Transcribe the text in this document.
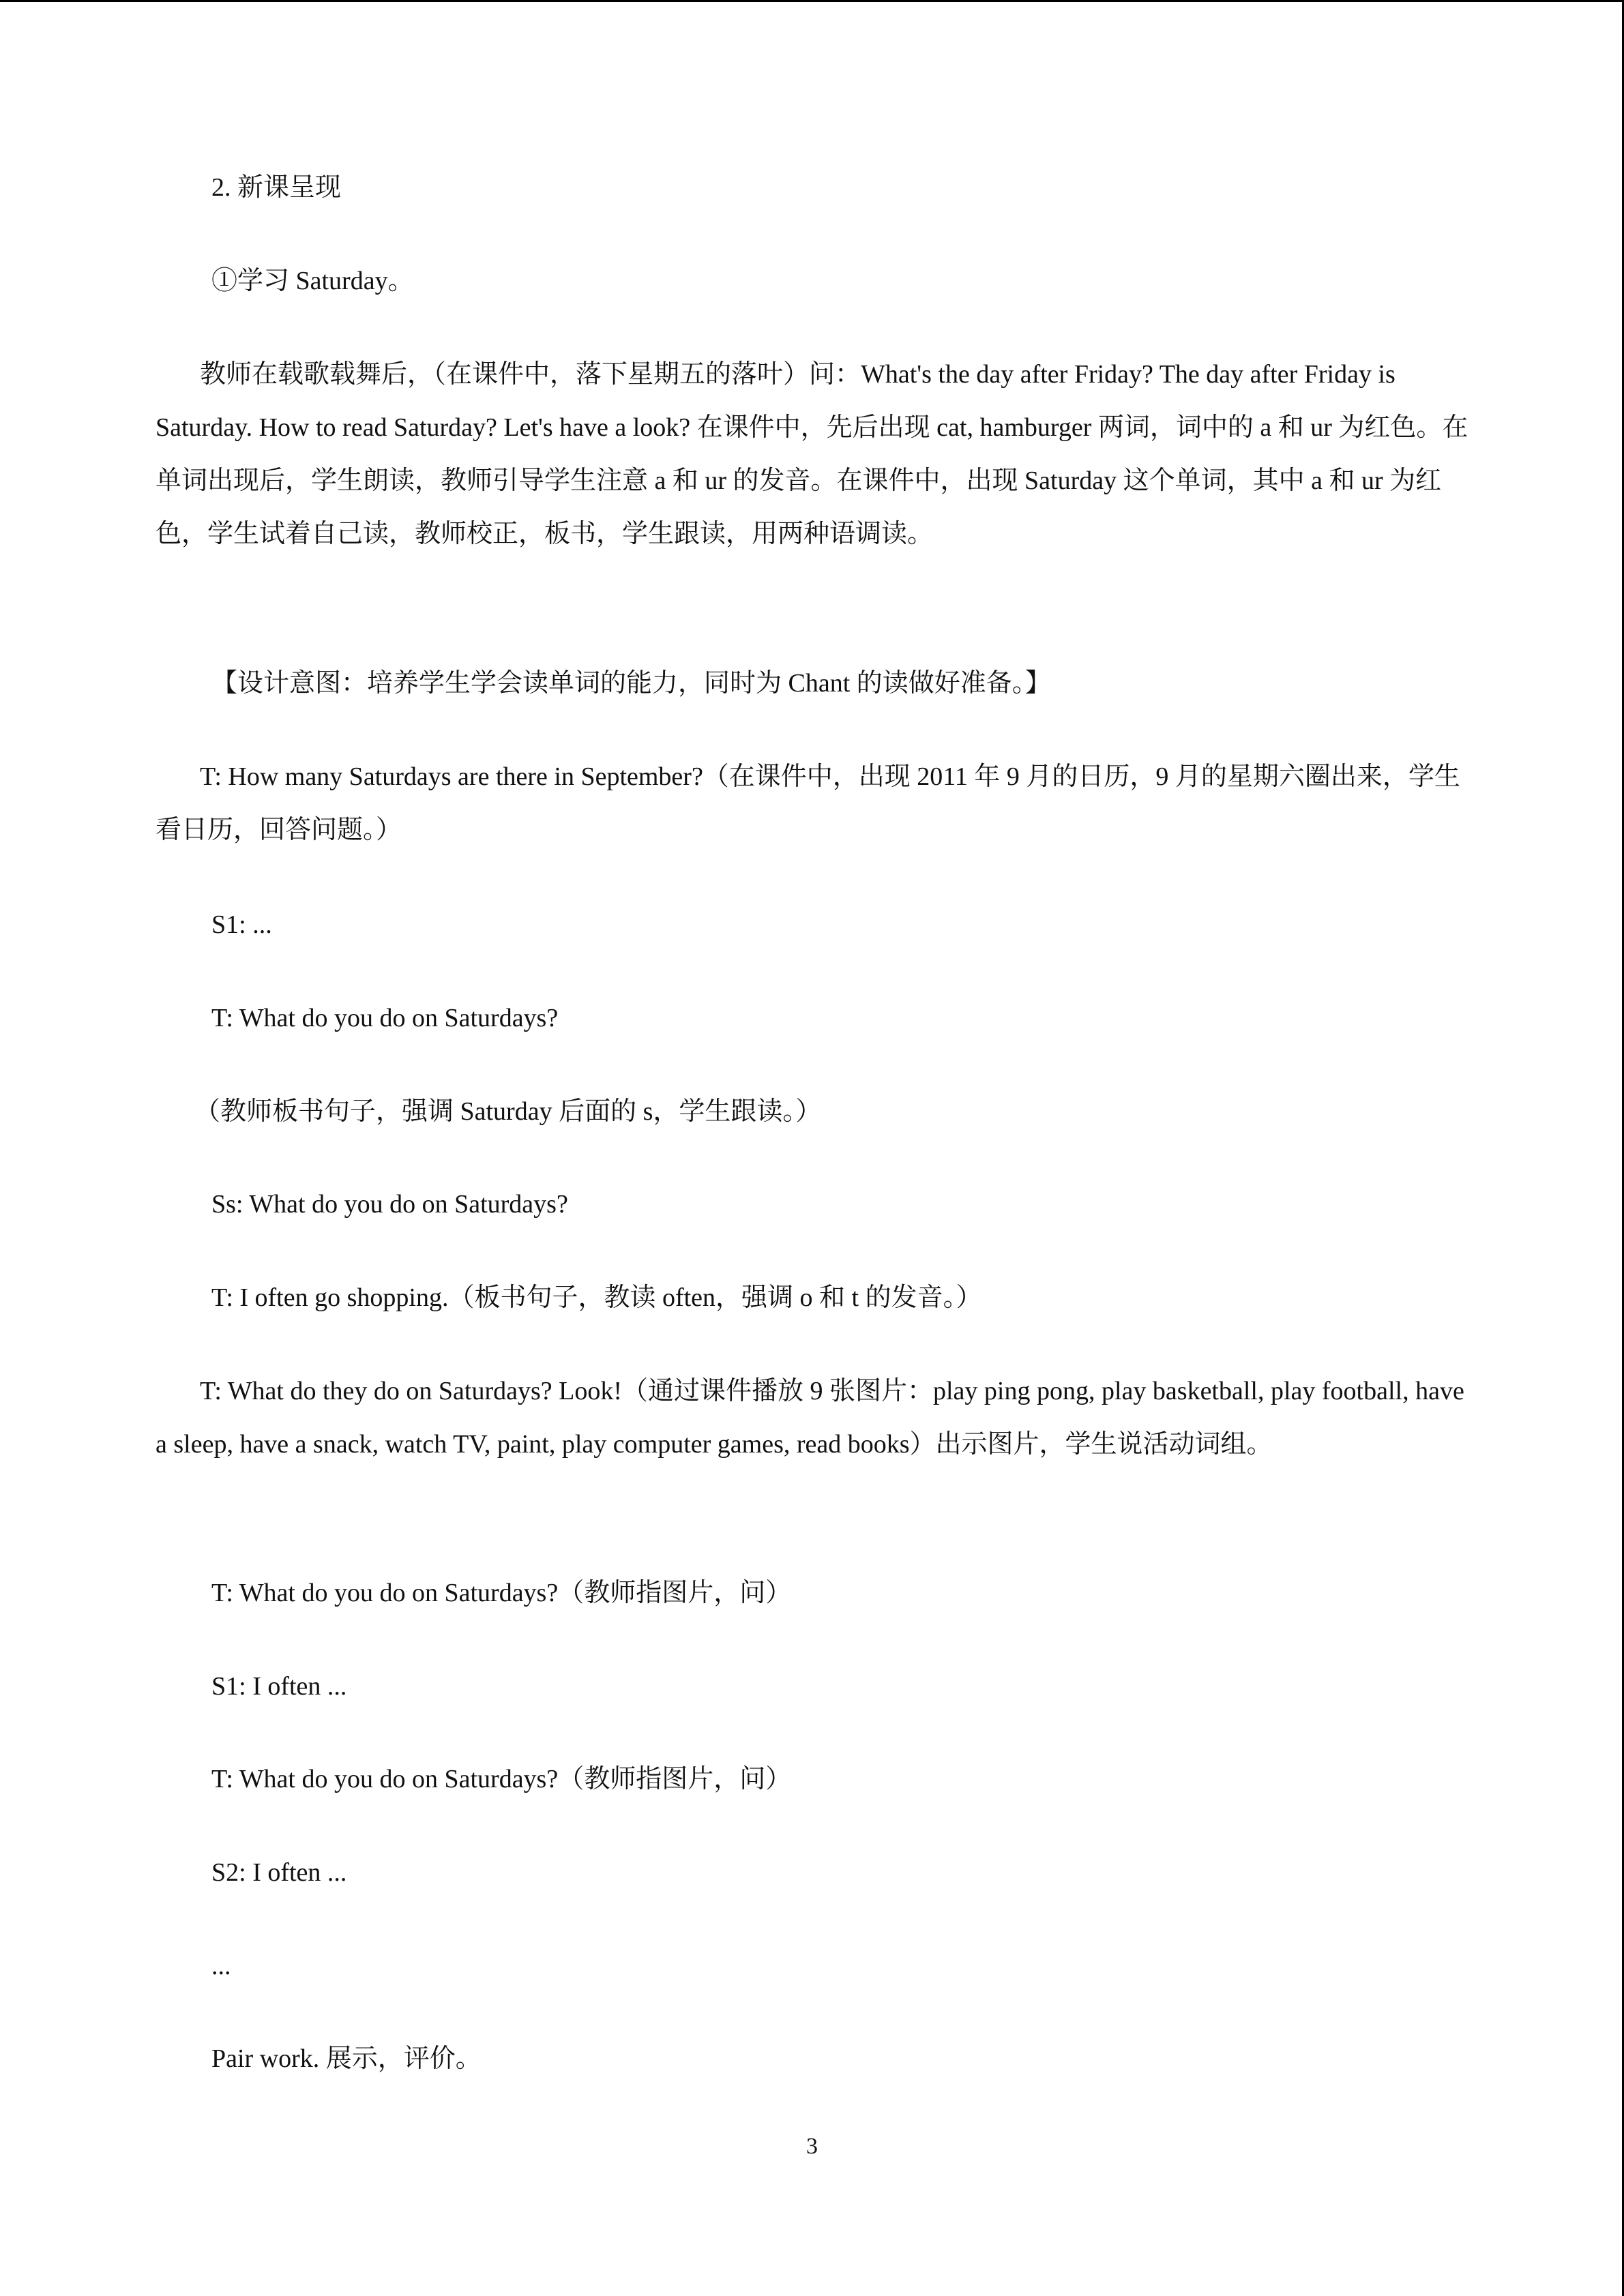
2. 新课呈现

①学习 Saturday。

教师在载歌载舞后，（在课件中，落下星期五的落叶）问：What's the day after Friday? The day after Friday is Saturday. How to read Saturday? Let's have a look? 在课件中，先后出现 cat, hamburger 两词，词中的 a 和 ur 为红色。在单词出现后，学生朗读，教师引导学生注意 a 和 ur 的发音。在课件中，出现 Saturday 这个单词，其中 a 和 ur 为红色，学生试着自己读，教师校正，板书，学生跟读，用两种语调读。

【设计意图：培养学生学会读单词的能力，同时为 Chant 的读做好准备。】

T: How many Saturdays are there in September?（在课件中，出现 2011 年 9 月的日历，9 月的星期六圈出来，学生看日历，回答问题。）

S1: ...

T: What do you do on Saturdays?

（教师板书句子，强调 Saturday 后面的 s，学生跟读。）

Ss: What do you do on Saturdays?

T: I often go shopping.（板书句子，教读 often，强调 o 和 t 的发音。）

T: What do they do on Saturdays? Look!（通过课件播放 9 张图片：play ping pong, play basketball, play football, have a sleep, have a snack, watch TV, paint, play computer games, read books）出示图片，学生说活动词组。

T: What do you do on Saturdays?（教师指图片，问）

S1: I often ...

T: What do you do on Saturdays?（教师指图片，问）

S2: I often ...

...

Pair work. 展示，评价。

3
